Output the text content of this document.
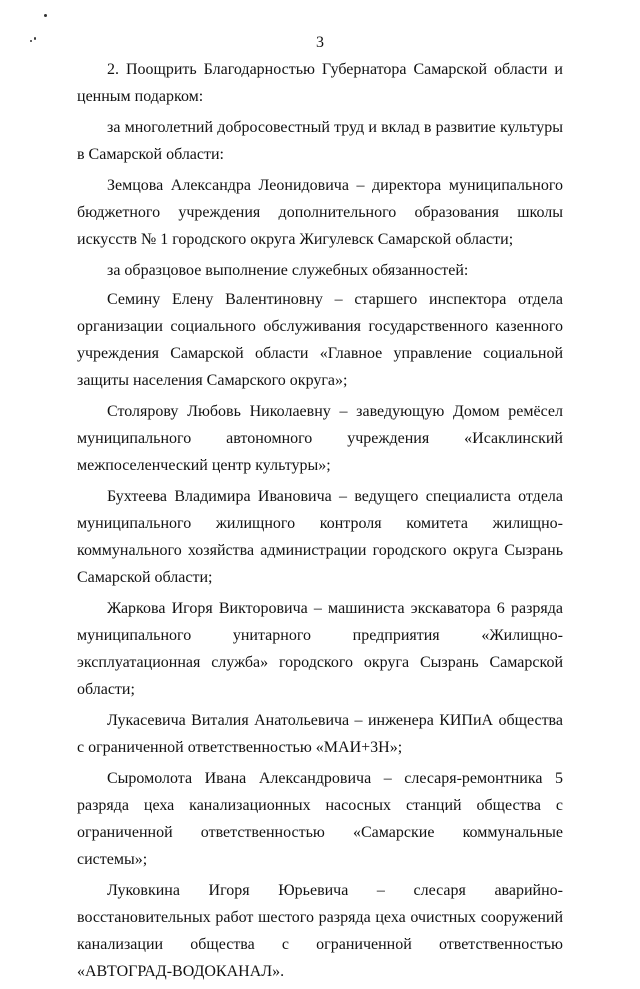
3

2. Поощрить Благодарностью Губернатора Самарской области и ценным подарком:

за многолетний добросовестный труд и вклад в развитие культуры в Самарской области:

Земцова Александра Леонидовича – директора муниципального бюджетного учреждения дополнительного образования школы искусств № 1 городского округа Жигулевск Самарской области;

за образцовое выполнение служебных обязанностей:

Семину Елену Валентиновну – старшего инспектора отдела организации социального обслуживания государственного казенного учреждения Самарской области «Главное управление социальной защиты населения Самарского округа»;

Столярову Любовь Николаевну – заведующую Домом ремёсел муниципального автономного учреждения «Исаклинский межпоселенческий центр культуры»;

Бухтеева Владимира Ивановича – ведущего специалиста отдела муниципального жилищного контроля комитета жилищно-коммунального хозяйства администрации городского округа Сызрань Самарской области;

Жаркова Игоря Викторовича – машиниста экскаватора 6 разряда муниципального унитарного предприятия «Жилищно-эксплуатационная служба» городского округа Сызрань Самарской области;

Лукасевича Виталия Анатольевича – инженера КИПиА общества с ограниченной ответственностью «МАИ+3Н»;

Сыромолота Ивана Александровича – слесаря-ремонтника 5 разряда цеха канализационных насосных станций общества с ограниченной ответственностью «Самарские коммунальные системы»;

Луковкина Игоря Юрьевича – слесаря аварийно-восстановительных работ шестого разряда цеха очистных сооружений канализации общества с ограниченной ответственностью «АВТОГРАД-ВОДОКАНАЛ».
